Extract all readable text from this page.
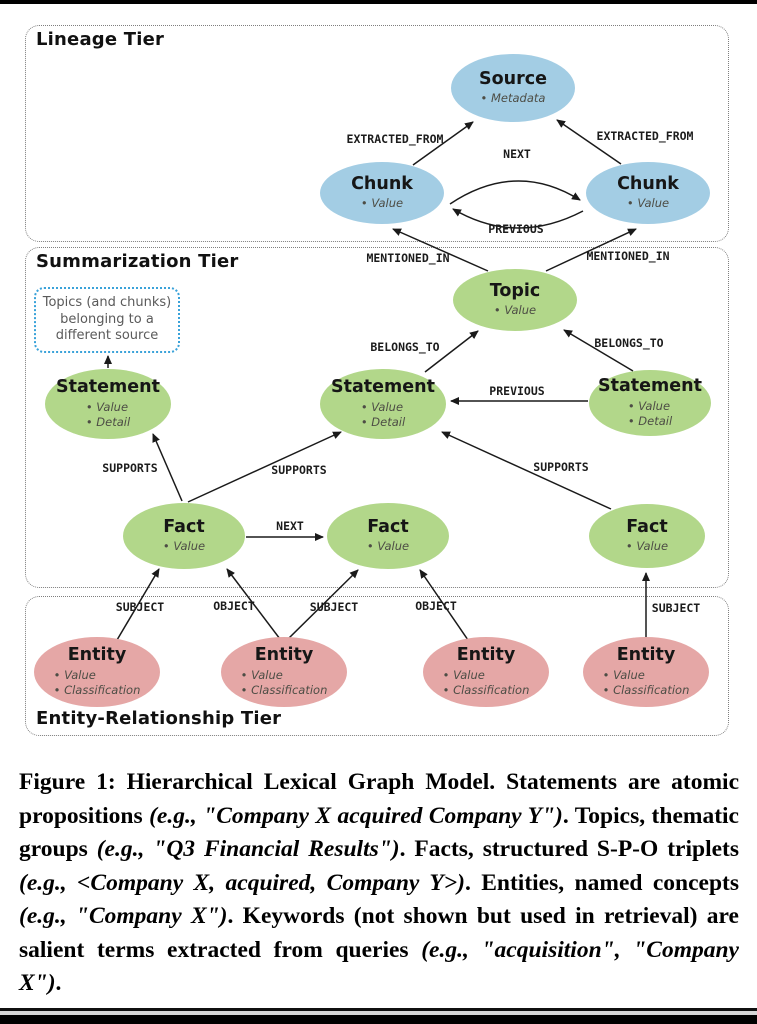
Lineage Tier
Summarization Tier
Entity-Relationship Tier
Topics (and chunks)
belonging to a
different source
Source
• Metadata
Chunk
• Value
Chunk
• Value
Topic
• Value
Statement
• Value
• Detail
Statement
• Value
• Detail
Statement
• Value
• Detail
Fact
• Value
Fact
• Value
Fact
• Value
Entity
• Value
• Classification
Entity
• Value
• Classification
Entity
• Value
• Classification
Entity
• Value
• Classification
EXTRACTED_FROM	EXTRACTED_FROM
NEXT
PREVIOUS
MENTIONED_IN	MENTIONED_IN
BELONGS_TO	BELONGS_TO
PREVIOUS
SUPPORTS	SUPPORTS	SUPPORTS
NEXT
SUBJECT	OBJECT	SUBJECT	OBJECT	SUBJECT
Figure 1: Hierarchical Lexical Graph Model. Statements are atomic propositions (e.g., "Company X acquired Company Y"). Topics, thematic groups (e.g., "Q3 Financial Results"). Facts, structured S-P-O triplets (e.g., <Company X, acquired, Company Y>). Entities, named concepts (e.g., "Company X"). Keywords (not shown but used in retrieval) are salient terms extracted from queries (e.g., "acquisition", "Company X").
